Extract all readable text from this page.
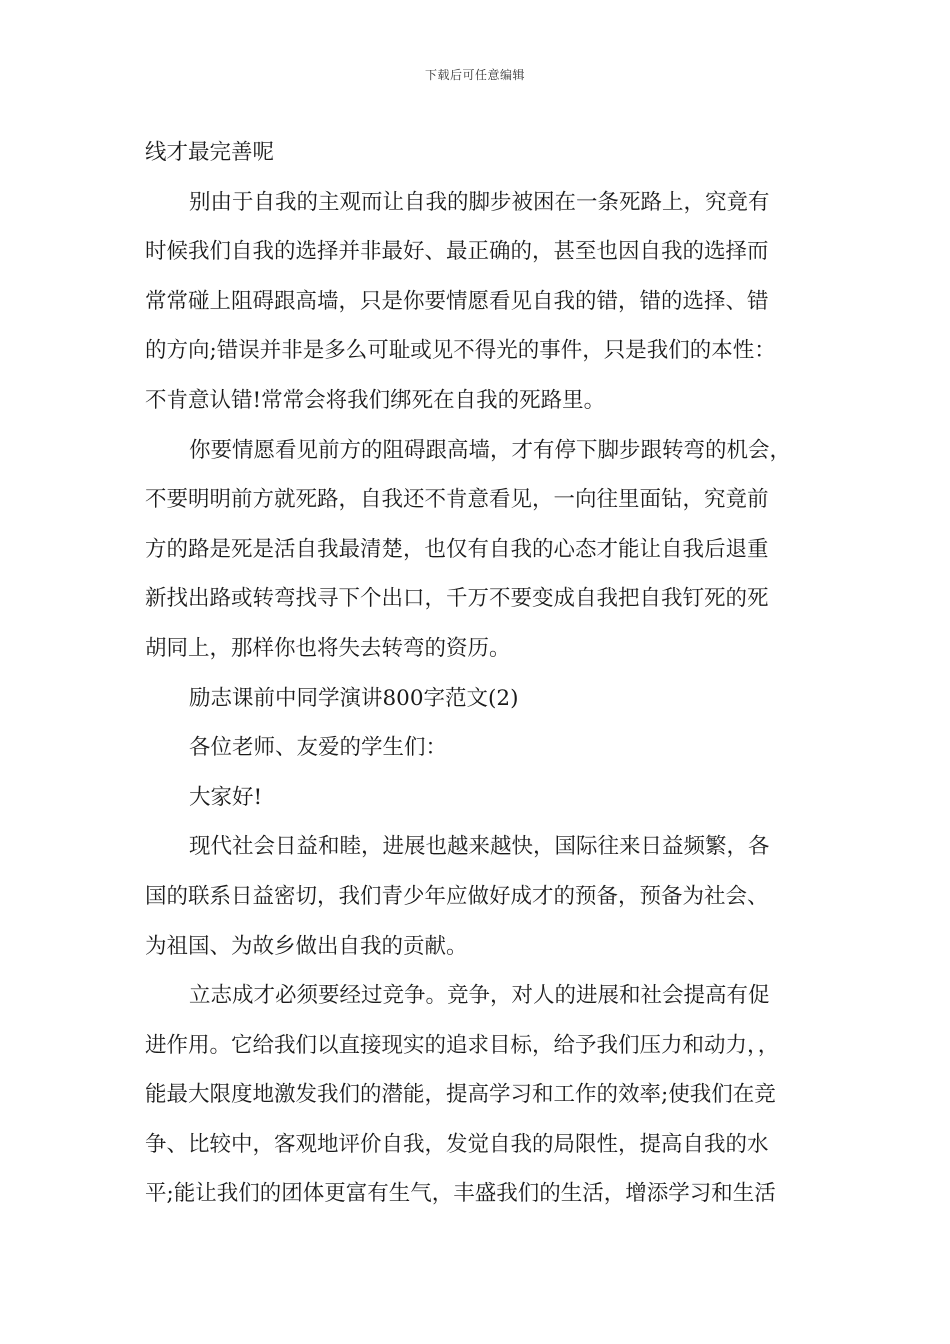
下载后可任意编辑
线才最完善呢
别由于自我的主观而让自我的脚步被困在一条死路上，究竟有
时候我们自我的选择并非最好、最正确的，甚至也因自我的选择而
常常碰上阻碍跟高墙，只是你要情愿看见自我的错，错的选择、错
的方向;错误并非是多么可耻或见不得光的事件，只是我们的本性：
不肯意认错!常常会将我们绑死在自我的死路里。
你要情愿看见前方的阻碍跟高墙，才有停下脚步跟转弯的机会，
不要明明前方就死路，自我还不肯意看见，一向往里面钻，究竟前
方的路是死是活自我最清楚，也仅有自我的心态才能让自我后退重
新找出路或转弯找寻下个出口，千万不要变成自我把自我钉死的死
胡同上，那样你也将失去转弯的资历。
励志课前中同学演讲800字范文(2)
各位老师、友爱的学生们：
大家好!
现代社会日益和睦，进展也越来越快，国际往来日益频繁，各
国的联系日益密切，我们青少年应做好成才的预备，预备为社会、
为祖国、为故乡做出自我的贡献。
立志成才必须要经过竞争。竞争，对人的进展和社会提高有促
进作用。它给我们以直接现实的追求目标，给予我们压力和动力，，
能最大限度地激发我们的潜能，提高学习和工作的效率;使我们在竞
争、比较中，客观地评价自我，发觉自我的局限性，提高自我的水
平;能让我们的团体更富有生气，丰盛我们的生活，增添学习和生活
